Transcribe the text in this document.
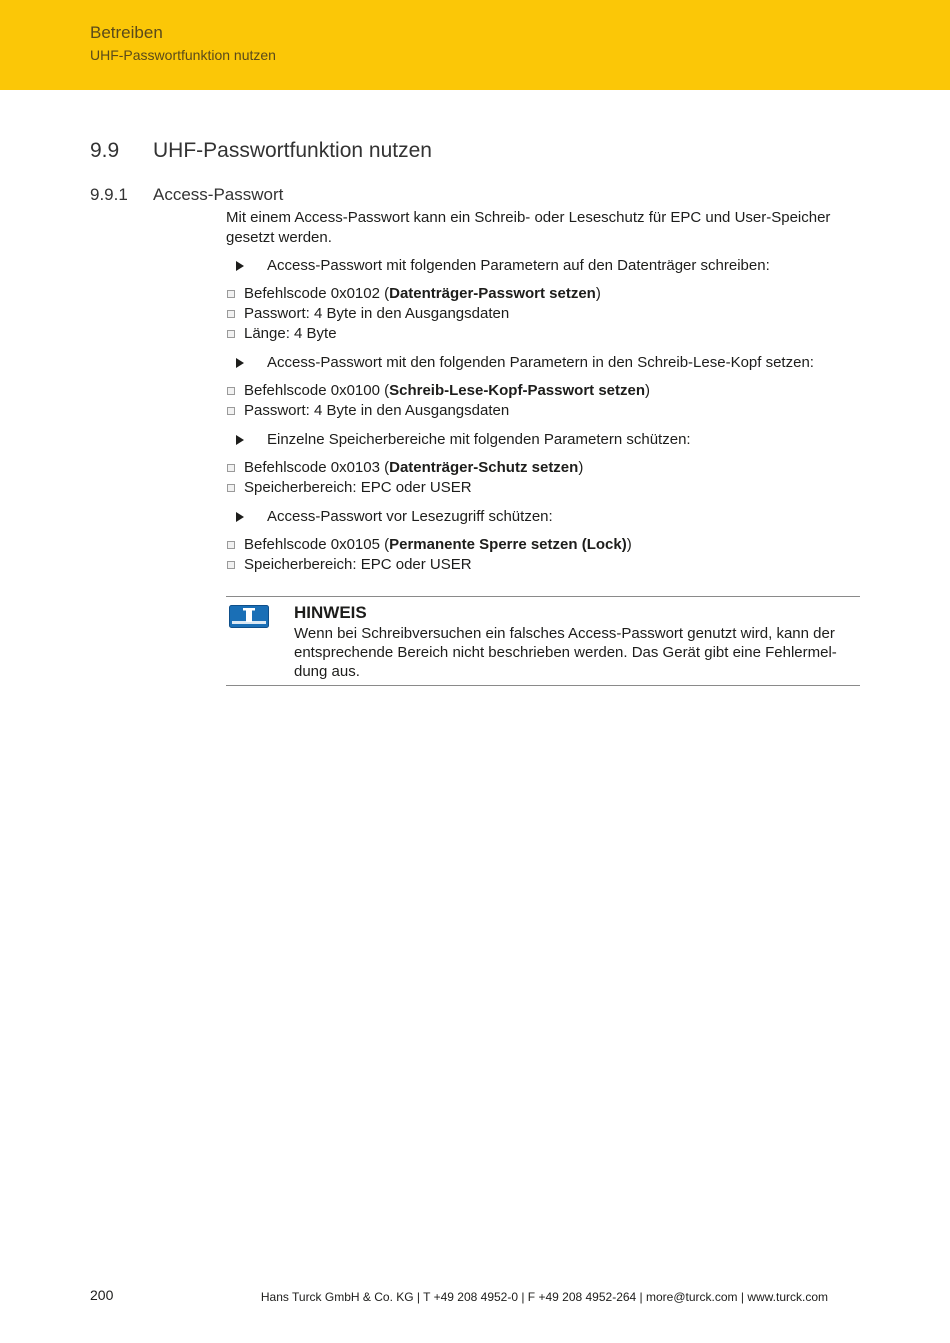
Betreiben
UHF-Passwortfunktion nutzen
9.9 UHF-Passwortfunktion nutzen
9.9.1 Access-Passwort

Mit einem Access-Passwort kann ein Schreib- oder Leseschutz für EPC und User-Speicher gesetzt werden.

Access-Passwort mit folgenden Parametern auf den Datenträger schreiben:
Befehlscode 0x0102 (Datenträger-Passwort setzen)
Passwort: 4 Byte in den Ausgangsdaten
Länge: 4 Byte
Access-Passwort mit den folgenden Parametern in den Schreib-Lese-Kopf setzen:
Befehlscode 0x0100 (Schreib-Lese-Kopf-Passwort setzen)
Passwort: 4 Byte in den Ausgangsdaten
Einzelne Speicherbereiche mit folgenden Parametern schützen:
Befehlscode 0x0103 (Datenträger-Schutz setzen)
Speicherbereich: EPC oder USER
Access-Passwort vor Lesezugriff schützen:
Befehlscode 0x0105 (Permanente Sperre setzen (Lock))
Speicherbereich: EPC oder USER
HINWEIS
Wenn bei Schreibversuchen ein falsches Access-Passwort genutzt wird, kann der entsprechende Bereich nicht beschrieben werden. Das Gerät gibt eine Fehlermel-dung aus.
200	Hans Turck GmbH & Co. KG | T +49 208 4952-0 | F +49 208 4952-264 | more@turck.com | www.turck.com
